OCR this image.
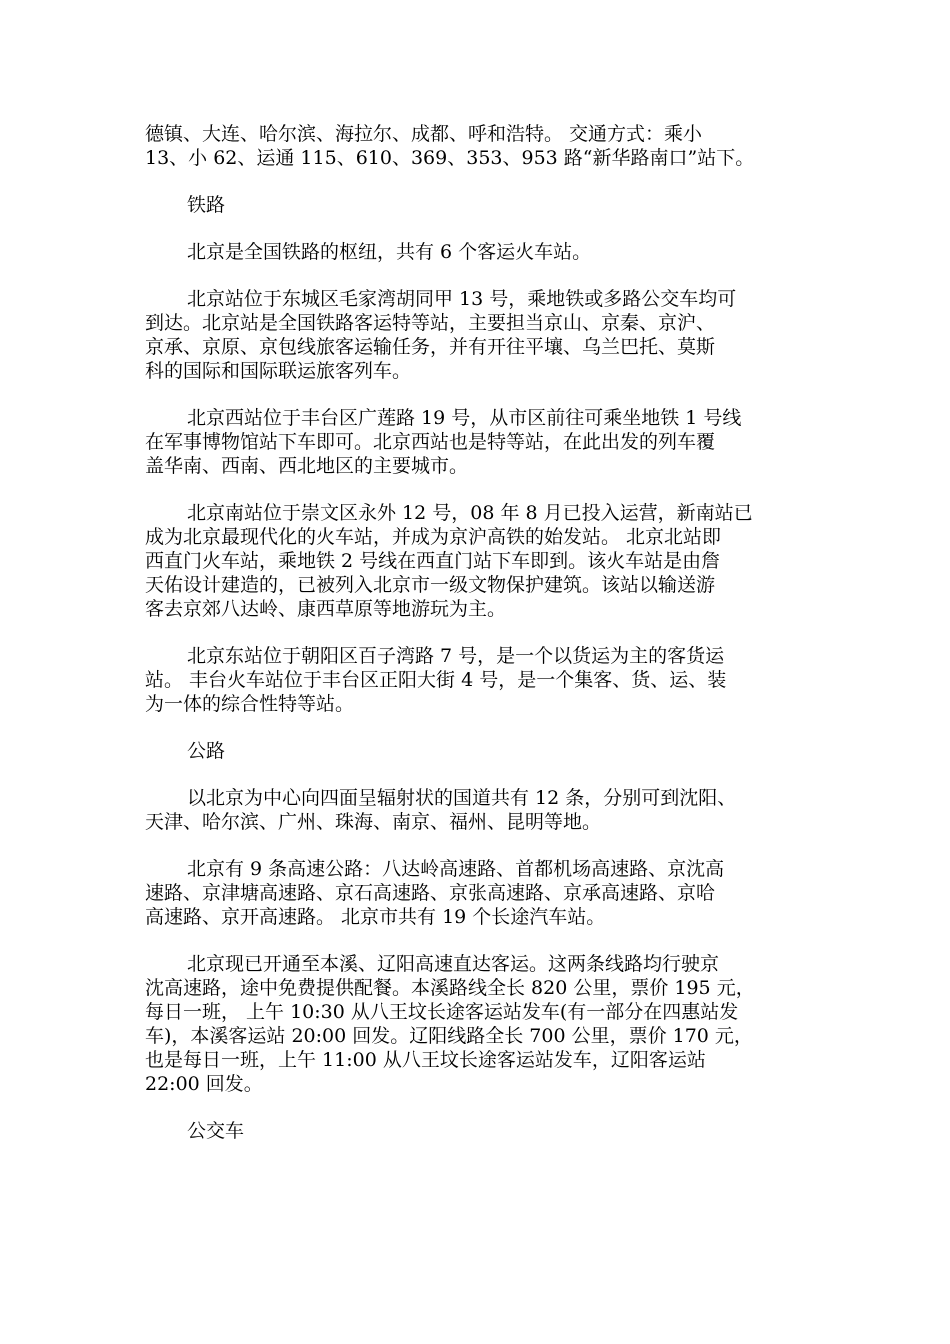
德镇、大连、哈尔滨、海拉尔、成都、呼和浩特。 交通方式：乘小
13、小 62、运通 115、610、369、353、953 路“新华路南口”站下。

铁路

北京是全国铁路的枢纽，共有 6 个客运火车站。

北京站位于东城区毛家湾胡同甲 13 号，乘地铁或多路公交车均可
到达。北京站是全国铁路客运特等站，主要担当京山、京秦、京沪、
京承、京原、京包线旅客运输任务，并有开往平壤、乌兰巴托、莫斯
科的国际和国际联运旅客列车。

北京西站位于丰台区广莲路 19 号，从市区前往可乘坐地铁 1 号线
在军事博物馆站下车即可。北京西站也是特等站，在此出发的列车覆
盖华南、西南、西北地区的主要城市。

北京南站位于崇文区永外 12 号，08 年 8 月已投入运营，新南站已
成为北京最现代化的火车站，并成为京沪高铁的始发站。 北京北站即
西直门火车站，乘地铁 2 号线在西直门站下车即到。该火车站是由詹
天佑设计建造的，已被列入北京市一级文物保护建筑。该站以输送游
客去京郊八达岭、康西草原等地游玩为主。

北京东站位于朝阳区百子湾路 7 号，是一个以货运为主的客货运
站。 丰台火车站位于丰台区正阳大街 4 号，是一个集客、货、运、装
为一体的综合性特等站。

公路

以北京为中心向四面呈辐射状的国道共有 12 条，分别可到沈阳、
天津、哈尔滨、广州、珠海、南京、福州、昆明等地。

北京有 9 条高速公路：八达岭高速路、首都机场高速路、京沈高
速路、京津塘高速路、京石高速路、京张高速路、京承高速路、京哈
高速路、京开高速路。 北京市共有 19 个长途汽车站。

北京现已开通至本溪、辽阳高速直达客运。这两条线路均行驶京
沈高速路，途中免费提供配餐。本溪路线全长 820 公里，票价 195 元，
每日一班， 上午 10:30 从八王坟长途客运站发车(有一部分在四惠站发
车)，本溪客运站 20:00 回发。辽阳线路全长 700 公里，票价 170 元，
也是每日一班，上午 11:00 从八王坟长途客运站发车，辽阳客运站
22:00 回发。

公交车
